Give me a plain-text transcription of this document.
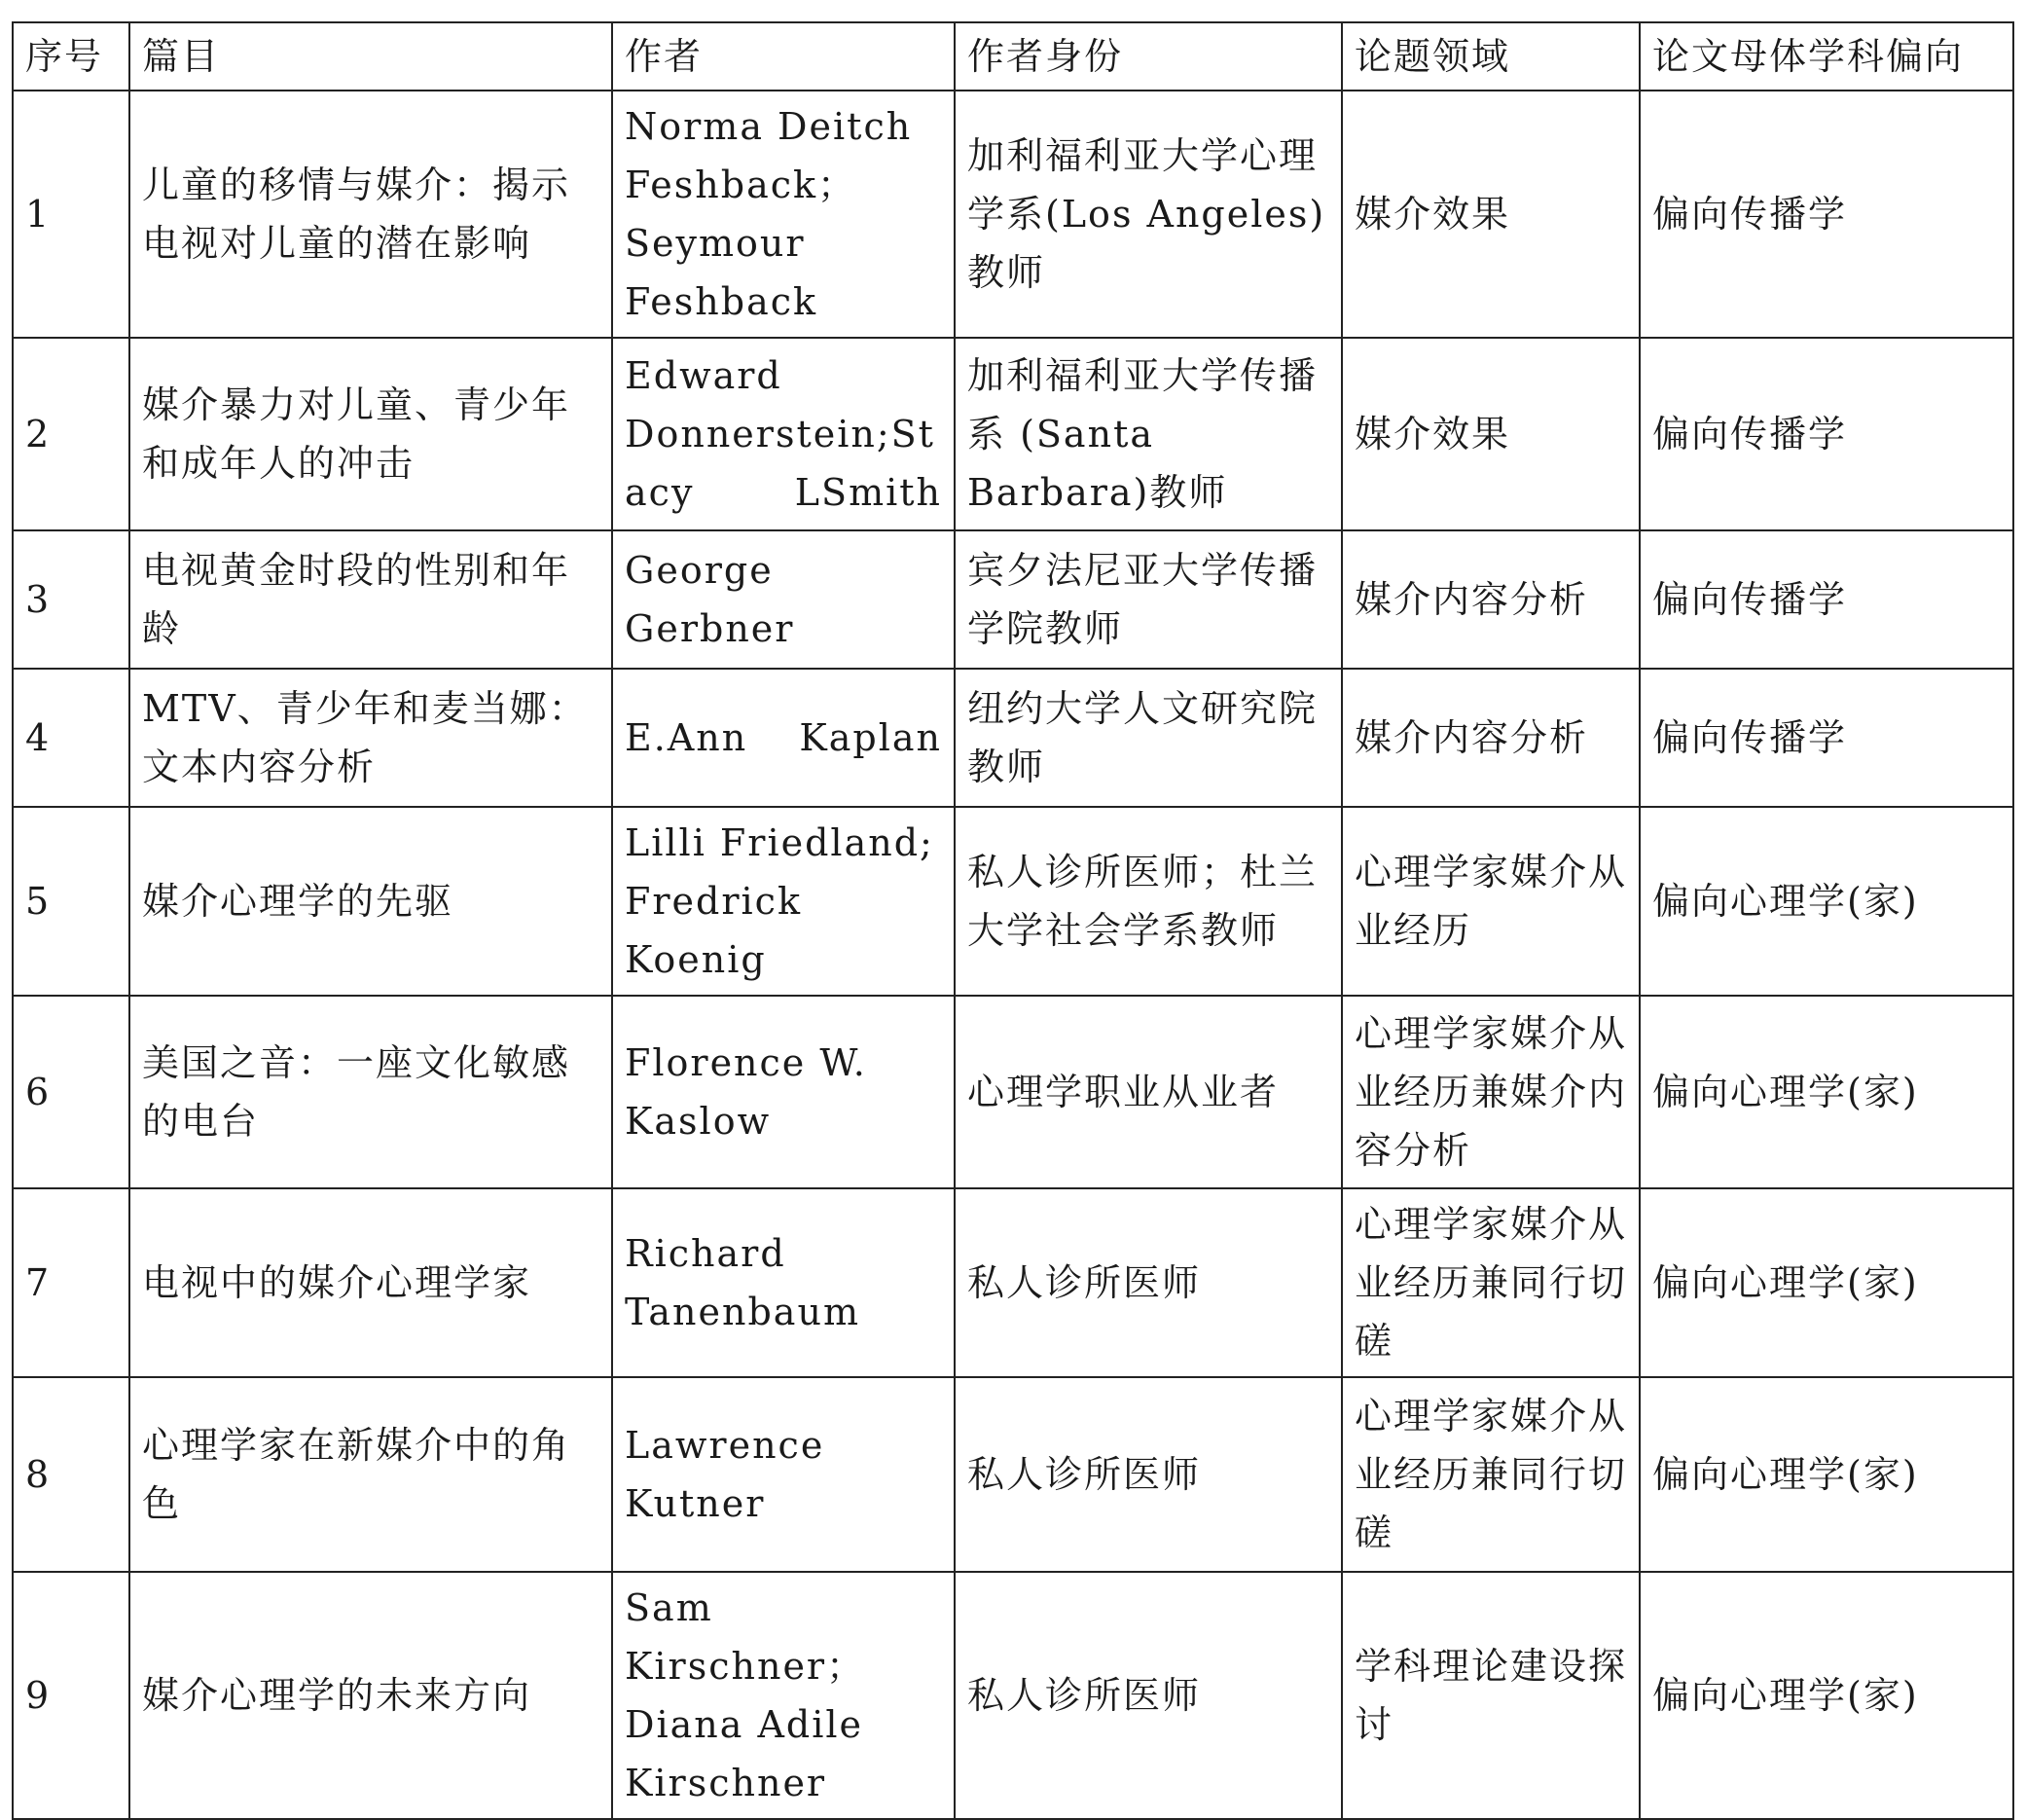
序号	篇目	作者	作者身份	论题领域	论文母体学科偏向
1	儿童的移情与媒介：揭示电视对儿童的潜在影响	Norma Deitch Feshback；Seymour Feshback	加利福利亚大学心理学系(Los Angeles)教师	媒介效果	偏向传播学
2	媒介暴力对儿童、青少年和成年人的冲击	Edward Donnerstein;Stacy LSmith	加利福利亚大学传播系 (Santa Barbara)教师	媒介效果	偏向传播学
3	电视黄金时段的性别和年龄	George Gerbner	宾夕法尼亚大学传播学院教师	媒介内容分析	偏向传播学
4	MTV、青少年和麦当娜：文本内容分析	E.Ann Kaplan	纽约大学人文研究院教师	媒介内容分析	偏向传播学
5	媒介心理学的先驱	Lilli Friedland; Fredrick Koenig	私人诊所医师；杜兰大学社会学系教师	心理学家媒介从业经历	偏向心理学(家)
6	美国之音：一座文化敏感的电台	Florence W. Kaslow	心理学职业从业者	心理学家媒介从业经历兼媒介内容分析	偏向心理学(家)
7	电视中的媒介心理学家	Richard Tanenbaum	私人诊所医师	心理学家媒介从业经历兼同行切磋	偏向心理学(家)
8	心理学家在新媒介中的角色	Lawrence Kutner	私人诊所医师	心理学家媒介从业经历兼同行切磋	偏向心理学(家)
9	媒介心理学的未来方向	Sam Kirschner；Diana Adile Kirschner	私人诊所医师	学科理论建设探讨	偏向心理学(家)
